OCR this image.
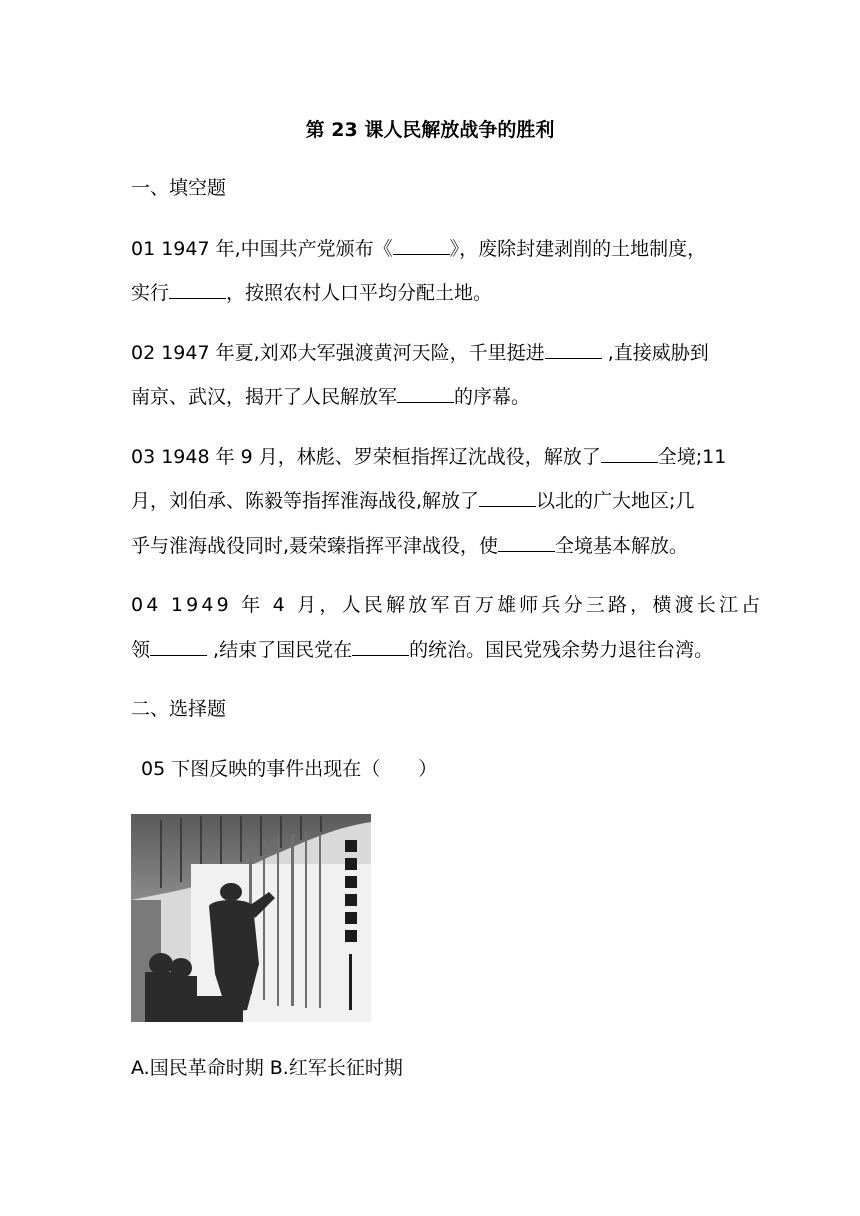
第 23 课人民解放战争的胜利
一、填空题
01 1947 年,中国共产党颁布《	》，废除封建剥削的土地制度，
实行	，按照农村人口平均分配土地。
02 1947 年夏,刘邓大军强渡黄河天险，千里挺进	,直接威胁到
南京、武汉，揭开了人民解放军	的序幕。
03 1948 年 9 月，林彪、罗荣桓指挥辽沈战役，解放了	全境;11
月，刘伯承、陈毅等指挥淮海战役,解放了	以北的广大地区;几
乎与淮海战役同时,聂荣臻指挥平津战役，使	全境基本解放。
04 1949 年 4 月，人民解放军百万雄师兵分三路，横渡长江占
领	,结束了国民党在	的统治。国民党残余势力退往台湾。
二、选择题
05 下图反映的事件出现在（　　）
A.国民革命时期 B.红军长征时期
